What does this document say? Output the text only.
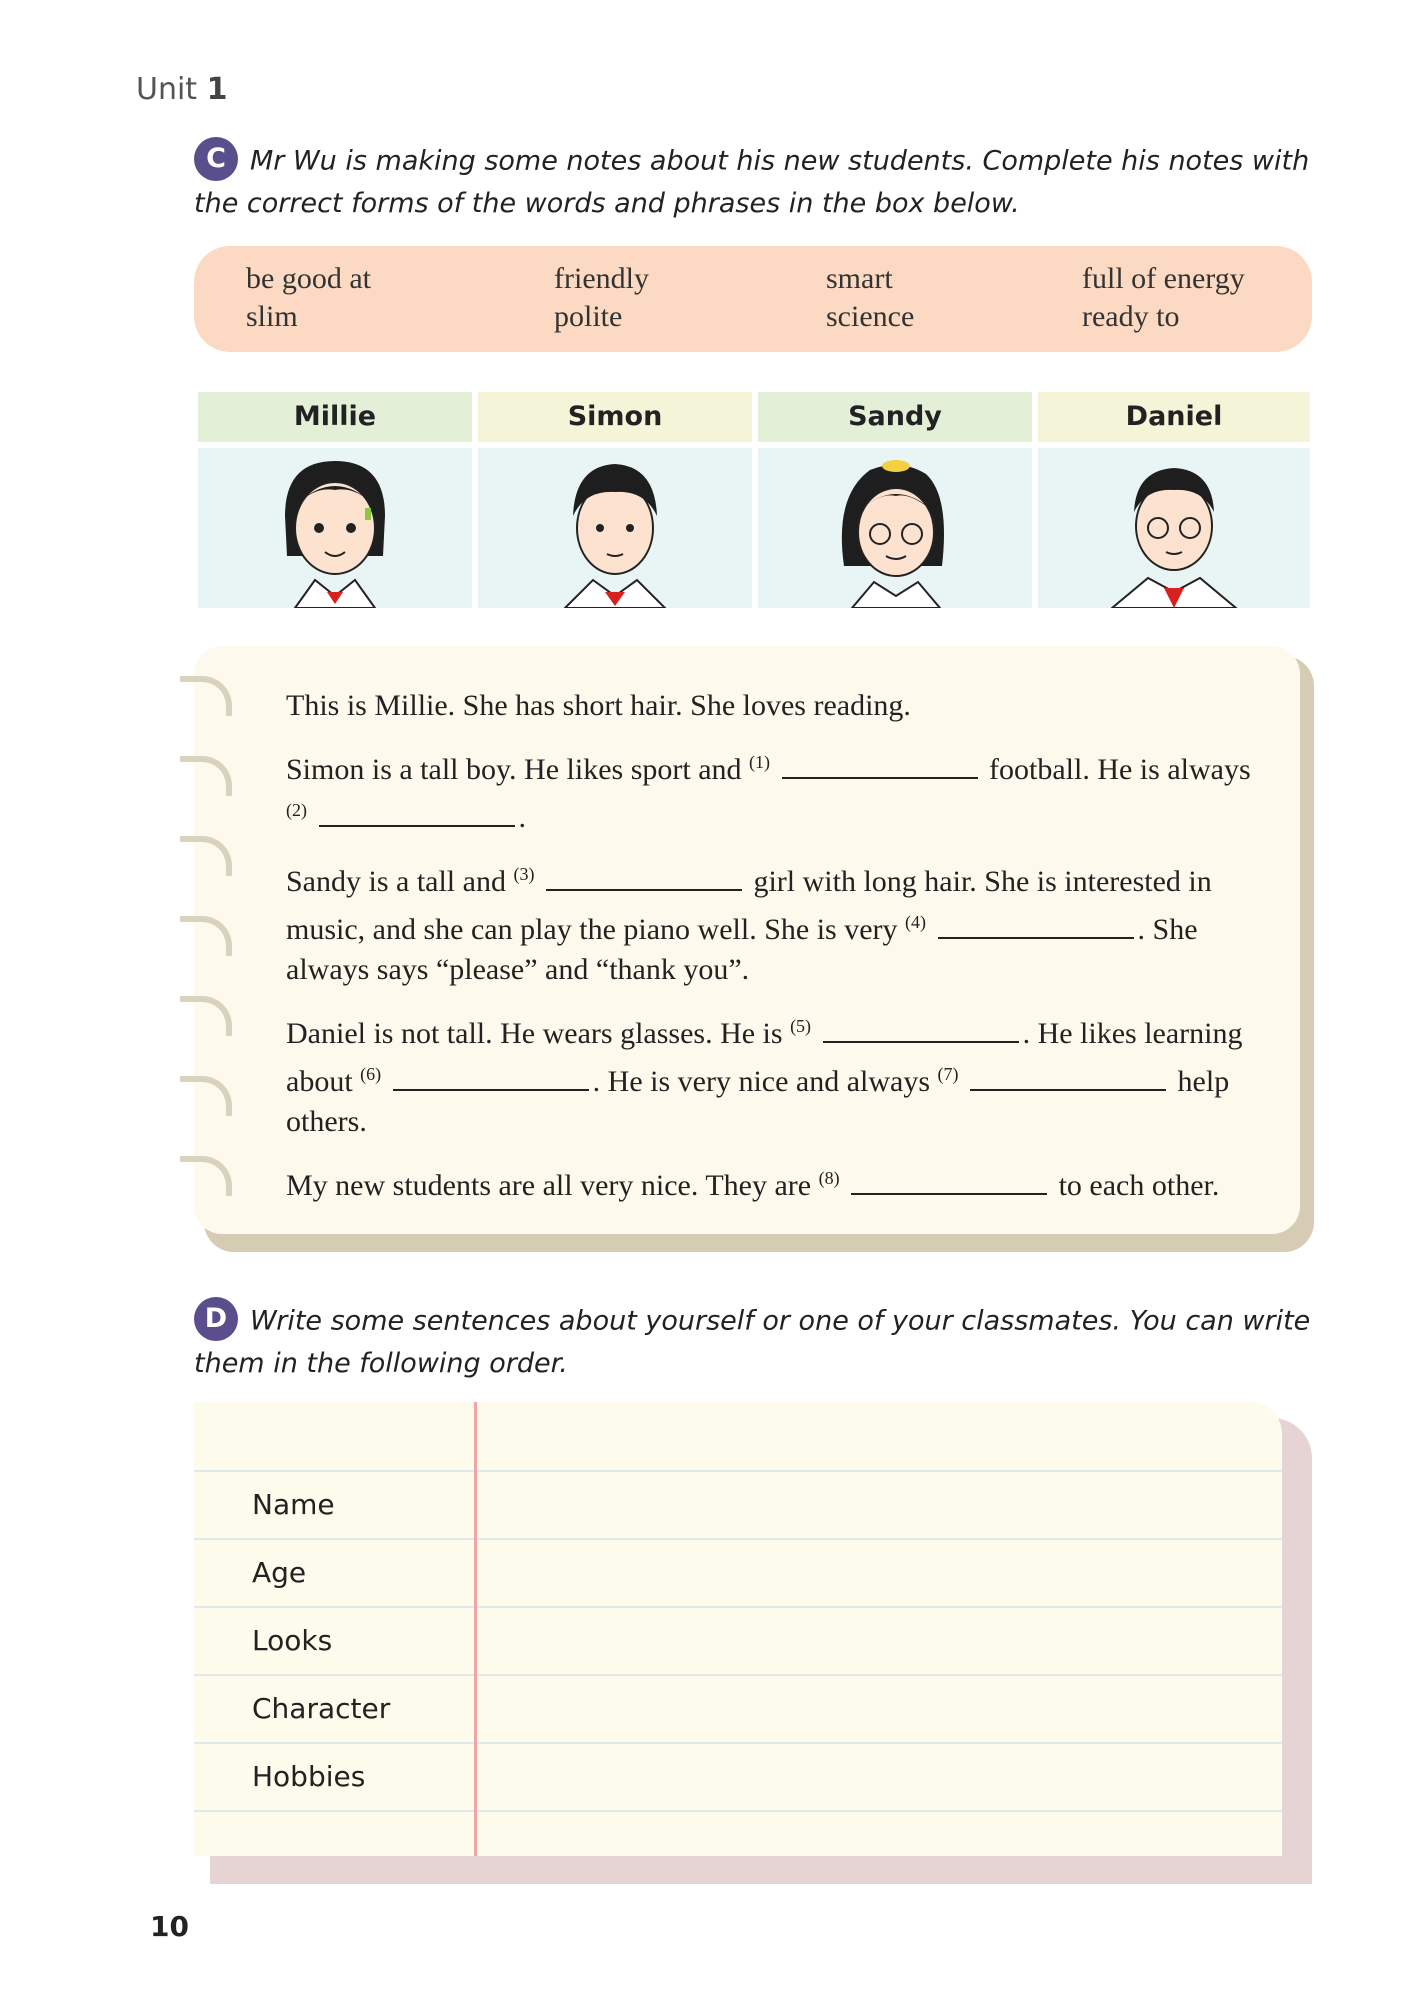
Unit 1
C Mr Wu is making some notes about his new students. Complete his notes with the correct forms of the words and phrases in the box below.
be good at
slim
friendly
polite
smart
science
full of energy
ready to
Millie	Simon	Sandy	Daniel

This is Millie. She has short hair. She loves reading.

Simon is a tall boy. He likes sport and $^{(1)}$	football. He is always $^{(2)}$	.

Sandy is a tall and $^{(3)}$	girl with long hair. She is interested in music, and she can play the piano well. She is very $^{(4)}$	. She always says “please” and “thank you”.

Daniel is not tall. He wears glasses. He is $^{(5)}$	. He likes learning about $^{(6)}$	. He is very nice and always $^{(7)}$	help others.

My new students are all very nice. They are $^{(8)}$	to each other.

D Write some sentences about yourself or one of your classmates. You can write them in the following order.
Name
Age
Looks
Character
Hobbies
10
